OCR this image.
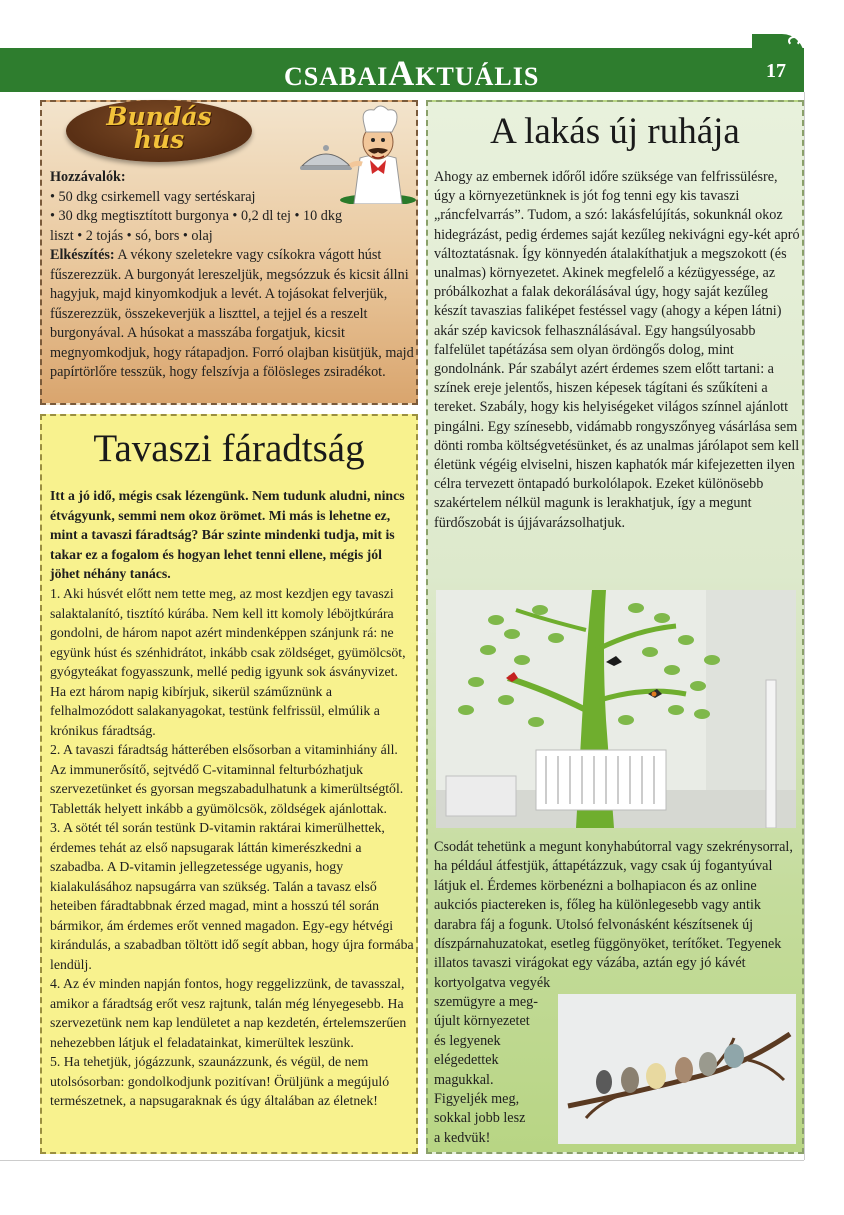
CSABAIAKTUÁLIS	17
Bundás
hús

Hozzávalók:

• 50 dkg csirkemell vagy sertéskaraj

• 30 dkg megtisztított burgonya • 0,2 dl tej • 10 dkg

liszt • 2 tojás • só, bors • olaj

Elkészítés: A vékony szeletekre vagy csíkokra vágott húst fűszerezzük. A burgonyát lereszeljük, megsózzuk és kicsit állni hagyjuk, majd kinyomkodjuk a levét. A tojásokat felverjük, fűszerezzük, összekeverjük a liszttel, a tejjel és a reszelt burgonyával. A húsokat a masszába forgatjuk, kicsit megnyomkodjuk, hogy rátapadjon. Forró olajban kisütjük, majd papírtörlőre tesszük, hogy felszívja a fölösleges zsiradékot.

Tavaszi fáradtság
Itt a jó idő, mégis csak lézengünk. Nem tudunk aludni, nincs étvágyunk, semmi nem okoz örömet. Mi más is lehetne ez, mint a tavaszi fáradtság? Bár szinte mindenki tudja, mit is takar ez a fogalom és hogyan lehet tenni ellene, mégis jól jöhet néhány tanács.

1. Aki húsvét előtt nem tette meg, az most kezdjen egy tavaszi salaktalanító, tisztító kúrába. Nem kell itt komoly léböjtkúrára gondolni, de három napot azért mindenképpen szánjunk rá: ne együnk húst és szénhidrátot, inkább csak zöldséget, gyümölcsöt, gyógyteákat fogyasszunk, mellé pedig igyunk sok ásványvizet. Ha ezt három napig kibírjuk, sikerül száműznünk a felhalmozódott salakanyagokat, testünk felfrissül, elmúlik a krónikus fáradtság.

2. A tavaszi fáradtság hátterében elsősorban a vitaminhiány áll. Az immunerősítő, sejtvédő C-vitaminnal felturbózhatjuk szervezetünket és gyorsan megszabadulhatunk a kimerültségtől. Tabletták helyett inkább a gyümölcsök, zöldségek ajánlottak.

3. A sötét tél során testünk D-vitamin raktárai kimerülhettek, érdemes tehát az első napsugarak láttán kimerészkedni a szabadba. A D-vitamin jellegzetessége ugyanis, hogy kialakulásához napsugárra van szükség. Talán a tavasz első heteiben fáradtabbnak érzed magad, mint a hosszú tél során bármikor, ám érdemes erőt venned magadon. Egy-egy hétvégi kirándulás, a szabadban töltött idő segít abban, hogy újra formába lendülj.

4. Az év minden napján fontos, hogy reggelizzünk, de tavasszal, amikor a fáradtság erőt vesz rajtunk, talán még lényegesebb. Ha szervezetünk nem kap lendületet a nap kezdetén, értelemszerűen nehezebben látjuk el feladatainkat, kimerültek leszünk.

5. Ha tehetjük, jógázzunk, szaunázzunk, és végül, de nem utolsósorban: gondolkodjunk pozitívan! Örüljünk a megújuló természetnek, a napsugaraknak és úgy általában az életnek!

A lakás új ruhája
Ahogy az embernek időről időre szüksége van felfrissülésre, úgy a környezetünknek is jót fog tenni egy kis tavaszi „ráncfelvarrás”. Tudom, a szó: lakásfelújítás, sokunknál okoz hidegrázást, pedig érdemes saját kezűleg nekivágni egy-két apró változtatásnak. Így könnyedén átalakíthatjuk a megszokott (és unalmas) környezetet. Akinek megfelelő a kézügyessége, az próbálkozhat a falak dekorálásával úgy, hogy saját kezűleg készít tavaszias faliképet festéssel vagy (ahogy a képen látni) akár szép kavicsok felhasználásával. Egy hangsúlyosabb falfelület tapétázása sem olyan ördöngős dolog, mint gondolnánk. Pár szabályt azért érdemes szem előtt tartani: a színek ereje jelentős, hiszen képesek tágítani és szűkíteni a tereket. Szabály, hogy kis helyiségeket világos színnel ajánlott pingálni. Egy színesebb, vidámabb rongyszőnyeg vásárlása sem dönti romba költségvetésünket, és az unalmas járólapot sem kell életünk végéig elviselni, hiszen kaphatók már kifejezetten ilyen célra tervezett öntapadó burkolólapok. Ezeket különösebb szakértelem nélkül magunk is lerakhatjuk, így a megunt fürdőszobát is újjávarázsolhatjuk.
Csodát tehetünk a megunt konyhabútorral vagy szekrénysorral, ha például átfestjük, áttapétázzuk, vagy csak új fogantyúval látjuk el. Érdemes körbenézni a bolhapiacon és az online aukciós piactereken is, főleg ha különlegesebb vagy antik darabra fáj a fogunk. Utolsó felvonásként készítsenek új díszpárnahuzatokat, esetleg függönyöket, terítőket. Tegyenek illatos tavaszi virágokat egy vázába, aztán egy jó kávét kortyolgatva vegyék
szemügyre a meg-
újult környezetet
és legyenek
elégedettek
magukkal.
Figyeljék meg,
sokkal jobb lesz
a kedvük!
